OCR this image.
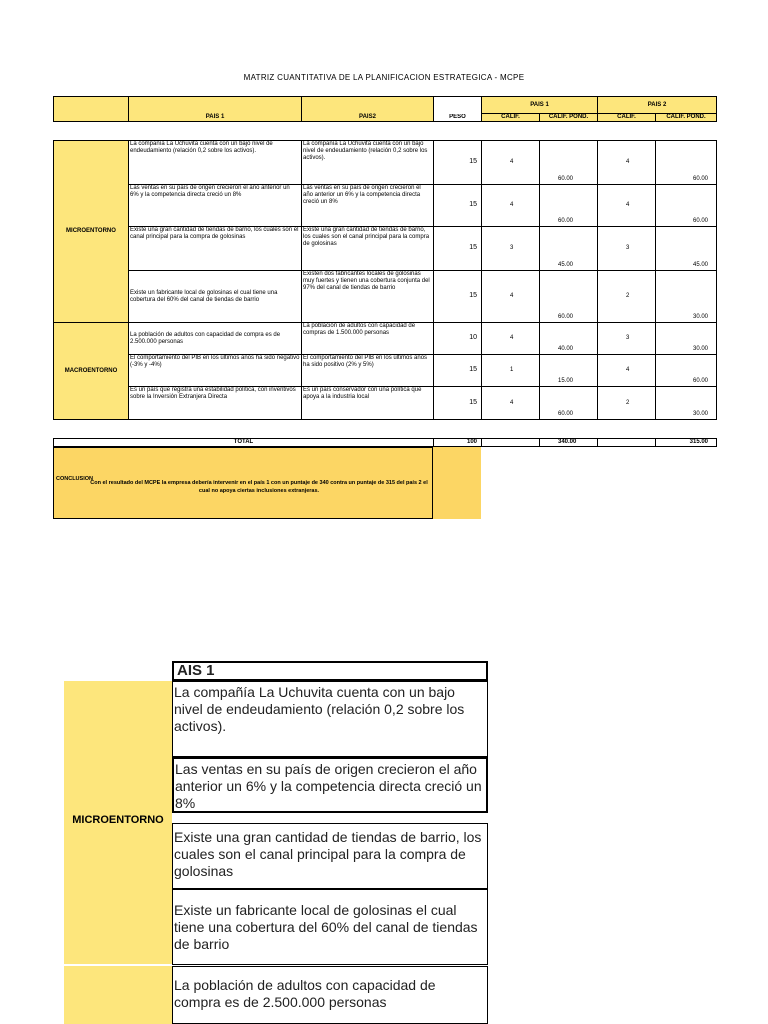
MATRIZ CUANTITATIVA DE LA PLANIFICACION ESTRATEGICA - MCPE
	PAIS 1	PAIS2		PAIS 1		PAIS 2	
			PESO	CALIF.	CALIF. POND.	CALIF.	CALIF. POND.

MICROENTORNO	La compañía La Uchuvita cuenta con un bajo nivel de endeudamiento (relación 0,2 sobre los activos).	La compañía La Uchuvita cuenta con un bajo nivel de endeudamiento (relación 0,2 sobre los activos).	15	4	60.00	4	60.00
	Las ventas en su país de origen crecieron el año anterior un 6% y la competencia directa creció un 8%	Las ventas en su país de origen crecieron el año anterior un 6% y la competencia directa creció un 8%	15	4	60.00	4	60.00
	Existe una gran cantidad de tiendas de barrio, los cuales son el canal principal para la compra de golosinas	Existe una gran cantidad de tiendas de barrio, los cuales son el canal principal para la compra de golosinas	15	3	45.00	3	45.00
	Existe un fabricante local de golosinas el cual tiene una cobertura del 60% del canal de tiendas de barrio	Existen dos fabricantes locales de golosinas muy fuertes y tienen una cobertura conjunta del 97% del canal de tiendas de barrio	15	4	60.00	2	30.00
MACROENTORNO	La población de adultos con capacidad de compra es de 2.500.000 personas	La población de adultos con capacidad de compras de 1.500.000 personas	10	4	40.00	3	30.00
	El comportamiento del PIB en los últimos años ha sido negativo (-3% y -4%)	El comportamiento del PIB en los últimos años ha sido positivo (2% y 5%)	15	1	15.00	4	60.00
	Es un país que registra una estabilidad política, con inventivos sobre la Inversión Extranjera Directa	Es un país conservador con una política que apoya a la industria local	15	4	60.00	2	30.00

TOTAL			100		340.00		315.00
CONCLUSION
Con el resultado del MCPE la empresa debería intervenir en el país 1 con un puntaje de 340 contra un puntaje de 315 del país 2 el cual no apoya ciertas inclusiones extranjeras.
AIS 1
MICROENTORNO
La compañía La Uchuvita cuenta con un bajo nivel de endeudamiento (relación 0,2 sobre los activos).
Las ventas en su país de origen crecieron el año anterior un 6% y la competencia directa creció un 8%
Existe una gran cantidad de tiendas de barrio, los cuales son el canal principal para la compra de golosinas
Existe un fabricante local de golosinas el cual tiene una cobertura del 60% del canal de tiendas de barrio
La población de adultos con capacidad de compra es de 2.500.000 personas
